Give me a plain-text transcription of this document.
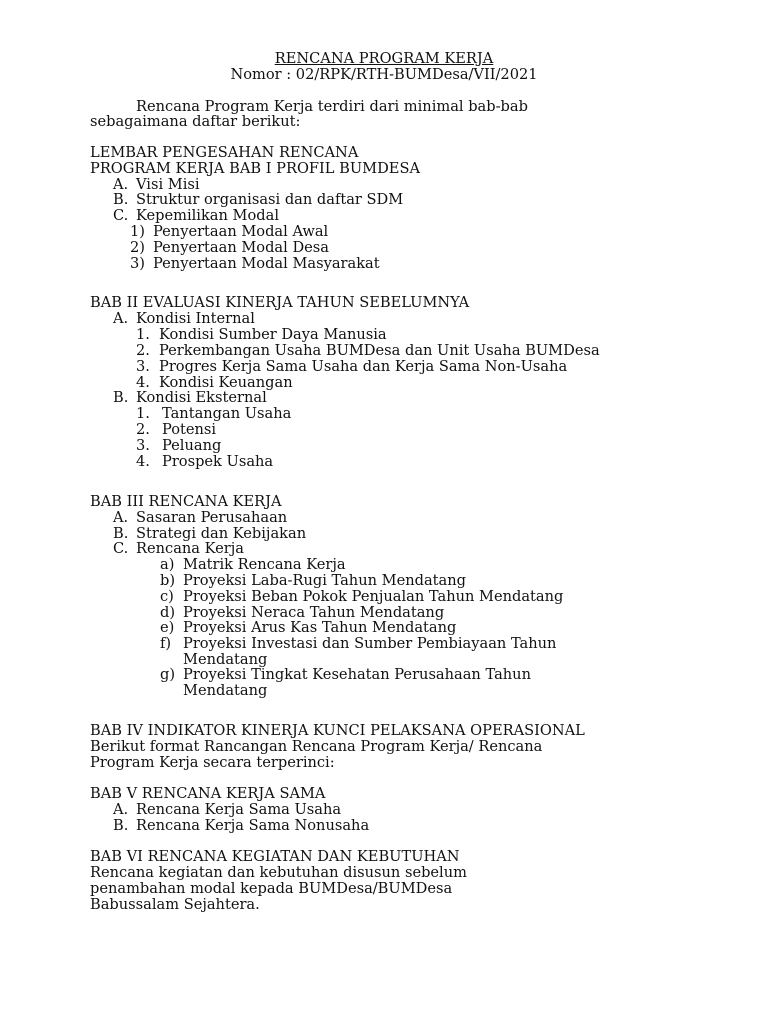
RENCANA PROGRAM KERJA
Nomor : 02/RPK/RTH-BUMDesa/VII/2021
Rencana Program Kerja terdiri dari minimal bab-bab
sebagaimana daftar berikut:
LEMBAR PENGESAHAN RENCANA
PROGRAM KERJA BAB I PROFIL BUMDESA
A. Visi Misi
B. Struktur organisasi dan daftar SDM
C. Kepemilikan Modal
1) Penyertaan Modal Awal
2) Penyertaan Modal Desa
3) Penyertaan Modal Masyarakat
BAB II EVALUASI KINERJA TAHUN SEBELUMNYA
A. Kondisi Internal
1. Kondisi Sumber Daya Manusia
2. Perkembangan Usaha BUMDesa dan Unit Usaha BUMDesa
3. Progres Kerja Sama Usaha dan Kerja Sama Non-Usaha
4. Kondisi Keuangan
B. Kondisi Eksternal
1. Tantangan Usaha
2. Potensi
3. Peluang
4. Prospek Usaha
BAB III RENCANA KERJA
A. Sasaran Perusahaan
B. Strategi dan Kebijakan
C. Rencana Kerja
a) Matrik Rencana Kerja
b) Proyeksi Laba-Rugi Tahun Mendatang
c) Proyeksi Beban Pokok Penjualan Tahun Mendatang
d) Proyeksi Neraca Tahun Mendatang
e) Proyeksi Arus Kas Tahun Mendatang
f) Proyeksi Investasi dan Sumber Pembiayaan Tahun
Mendatang
g) Proyeksi Tingkat Kesehatan Perusahaan Tahun
Mendatang
BAB IV INDIKATOR KINERJA KUNCI PELAKSANA OPERASIONAL
Berikut format Rancangan Rencana Program Kerja/ Rencana
Program Kerja secara terperinci:
BAB V RENCANA KERJA SAMA
A. Rencana Kerja Sama Usaha
B. Rencana Kerja Sama Nonusaha
BAB VI RENCANA KEGIATAN DAN KEBUTUHAN
Rencana kegiatan dan kebutuhan disusun sebelum
penambahan modal kepada BUMDesa/BUMDesa
Babussalam Sejahtera.
